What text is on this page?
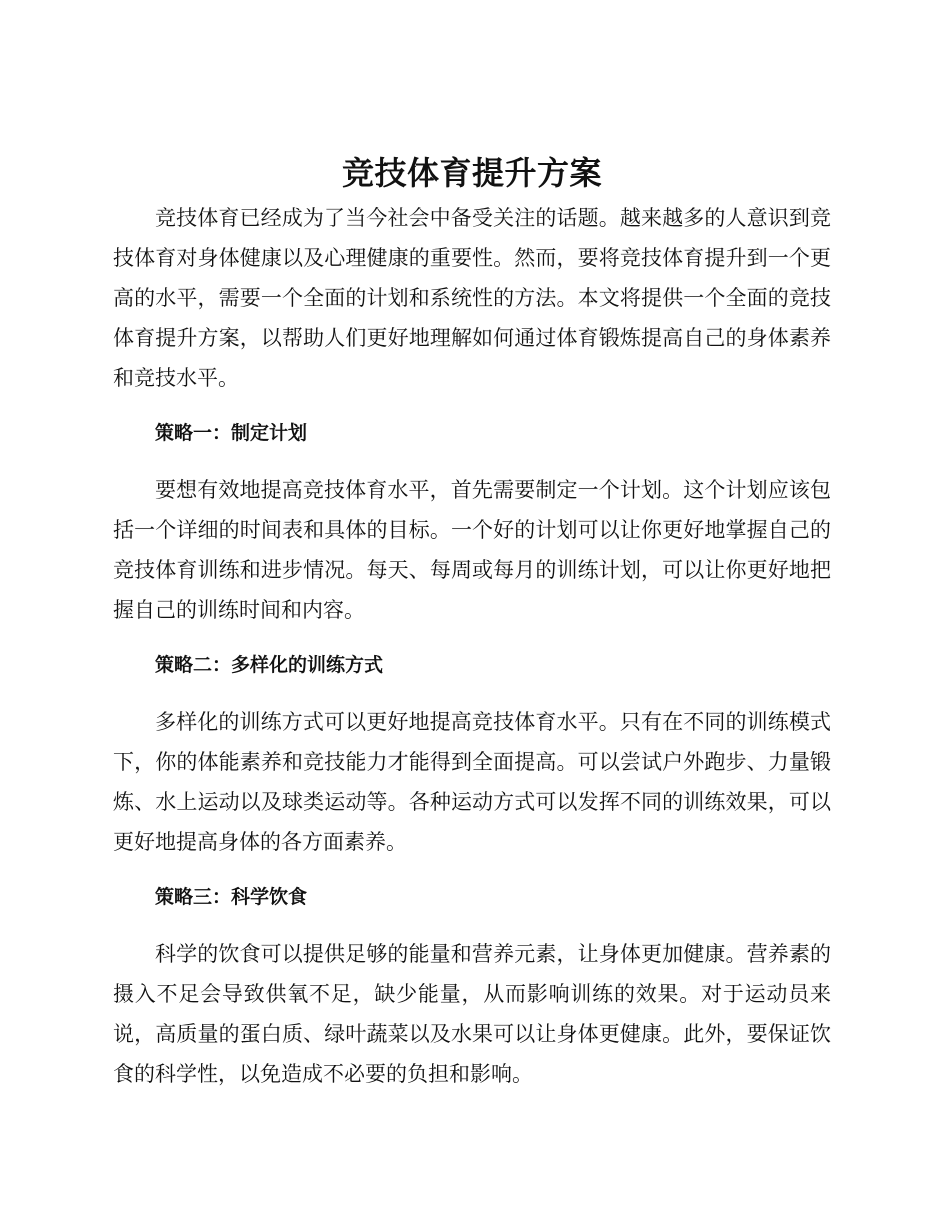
竞技体育提升方案

竞技体育已经成为了当今社会中备受关注的话题。越来越多的人意识到竞技体育对身体健康以及心理健康的重要性。然而，要将竞技体育提升到一个更高的水平，需要一个全面的计划和系统性的方法。本文将提供一个全面的竞技体育提升方案，以帮助人们更好地理解如何通过体育锻炼提高自己的身体素养和竞技水平。

策略一：制定计划

要想有效地提高竞技体育水平，首先需要制定一个计划。这个计划应该包括一个详细的时间表和具体的目标。一个好的计划可以让你更好地掌握自己的竞技体育训练和进步情况。每天、每周或每月的训练计划，可以让你更好地把握自己的训练时间和内容。

策略二：多样化的训练方式

多样化的训练方式可以更好地提高竞技体育水平。只有在不同的训练模式下，你的体能素养和竞技能力才能得到全面提高。可以尝试户外跑步、力量锻炼、水上运动以及球类运动等。各种运动方式可以发挥不同的训练效果，可以更好地提高身体的各方面素养。

策略三：科学饮食

科学的饮食可以提供足够的能量和营养元素，让身体更加健康。营养素的摄入不足会导致供氧不足，缺少能量，从而影响训练的效果。对于运动员来说，高质量的蛋白质、绿叶蔬菜以及水果可以让身体更健康。此外，要保证饮食的科学性，以免造成不必要的负担和影响。
